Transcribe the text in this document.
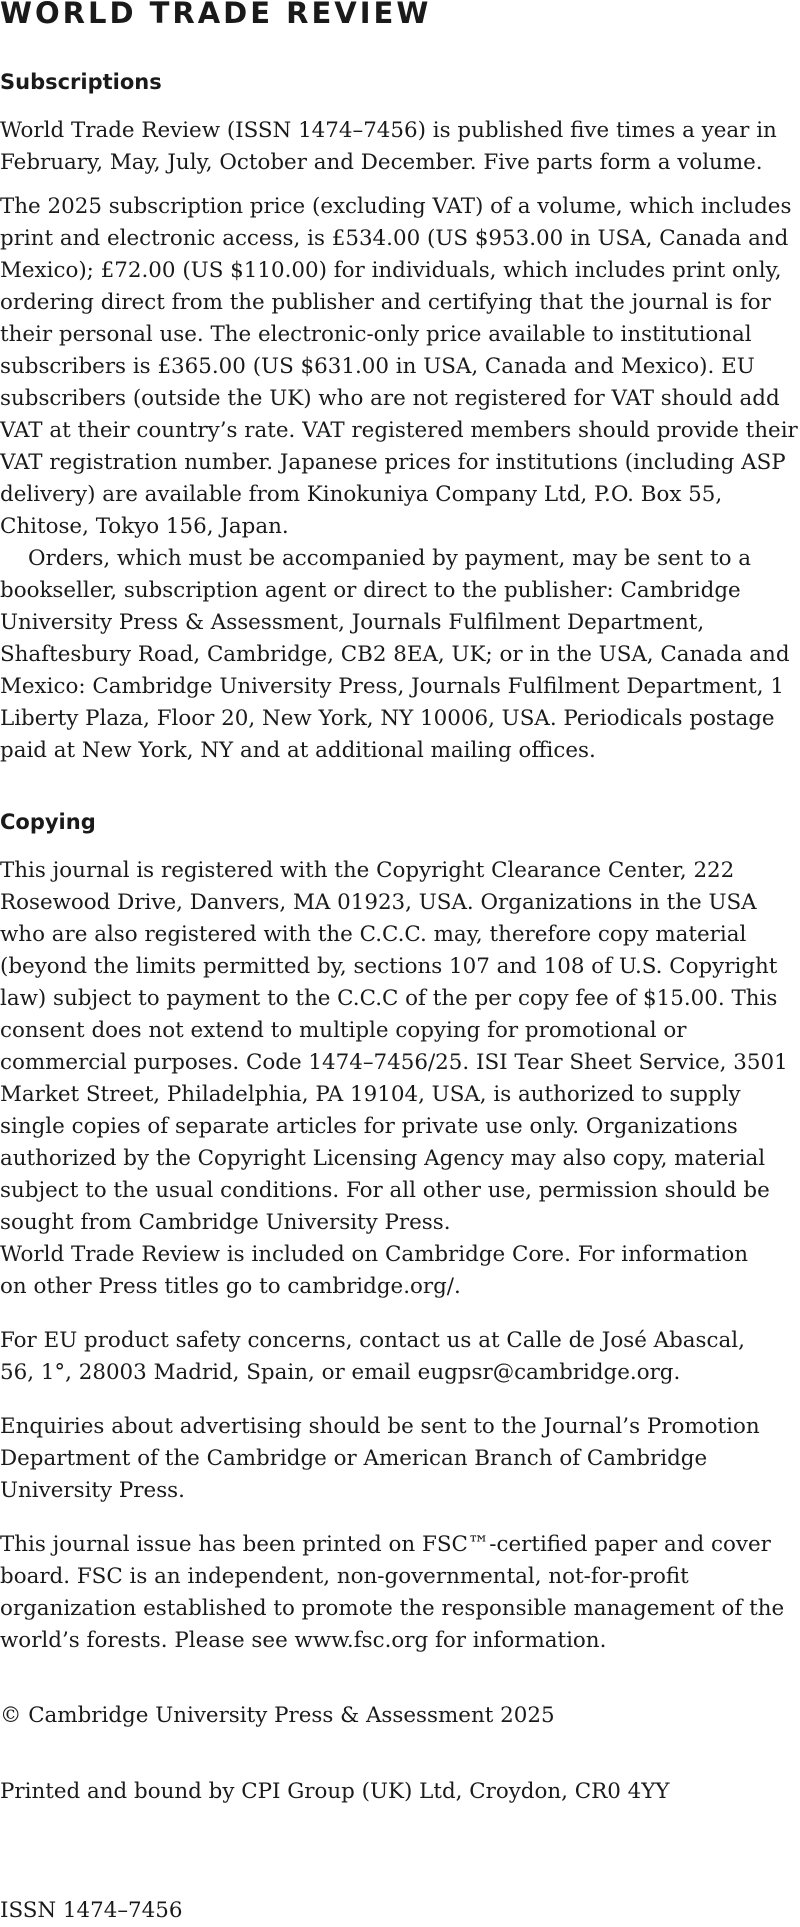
WORLD TRADE REVIEW
Subscriptions

World Trade Review (ISSN 1474–7456) is published five times a year in
February, May, July, October and December. Five parts form a volume.

The 2025 subscription price (excluding VAT) of a volume, which includes
print and electronic access, is £534.00 (US $953.00 in USA, Canada and
Mexico); £72.00 (US $110.00) for individuals, which includes print only,
ordering direct from the publisher and certifying that the journal is for
their personal use. The electronic-only price available to institutional
subscribers is £365.00 (US $631.00 in USA, Canada and Mexico). EU
subscribers (outside the UK) who are not registered for VAT should add
VAT at their country’s rate. VAT registered members should provide their
VAT registration number. Japanese prices for institutions (including ASP
delivery) are available from Kinokuniya Company Ltd, P.O. Box 55,
Chitose, Tokyo 156, Japan.

Orders, which must be accompanied by payment, may be sent to a
bookseller, subscription agent or direct to the publisher: Cambridge
University Press & Assessment, Journals Fulfilment Department,
Shaftesbury Road, Cambridge, CB2 8EA, UK; or in the USA, Canada and
Mexico: Cambridge University Press, Journals Fulfilment Department, 1
Liberty Plaza, Floor 20, New York, NY 10006, USA. Periodicals postage
paid at New York, NY and at additional mailing offices.

Copying

This journal is registered with the Copyright Clearance Center, 222
Rosewood Drive, Danvers, MA 01923, USA. Organizations in the USA
who are also registered with the C.C.C. may, therefore copy material
(beyond the limits permitted by, sections 107 and 108 of U.S. Copyright
law) subject to payment to the C.C.C of the per copy fee of $15.00. This
consent does not extend to multiple copying for promotional or
commercial purposes. Code 1474–7456/25. ISI Tear Sheet Service, 3501
Market Street, Philadelphia, PA 19104, USA, is authorized to supply
single copies of separate articles for private use only. Organizations
authorized by the Copyright Licensing Agency may also copy, material
subject to the usual conditions. For all other use, permission should be
sought from Cambridge University Press.

World Trade Review is included on Cambridge Core. For information
on other Press titles go to cambridge.org/.

For EU product safety concerns, contact us at Calle de José Abascal,
56, 1°, 28003 Madrid, Spain, or email eugpsr@cambridge.org.

Enquiries about advertising should be sent to the Journal’s Promotion
Department of the Cambridge or American Branch of Cambridge
University Press.

This journal issue has been printed on FSC™-certified paper and cover
board. FSC is an independent, non-governmental, not-for-profit
organization established to promote the responsible management of the
world’s forests. Please see www.fsc.org for information.

© Cambridge University Press & Assessment 2025

Printed and bound by CPI Group (UK) Ltd, Croydon, CR0 4YY

ISSN 1474–7456
